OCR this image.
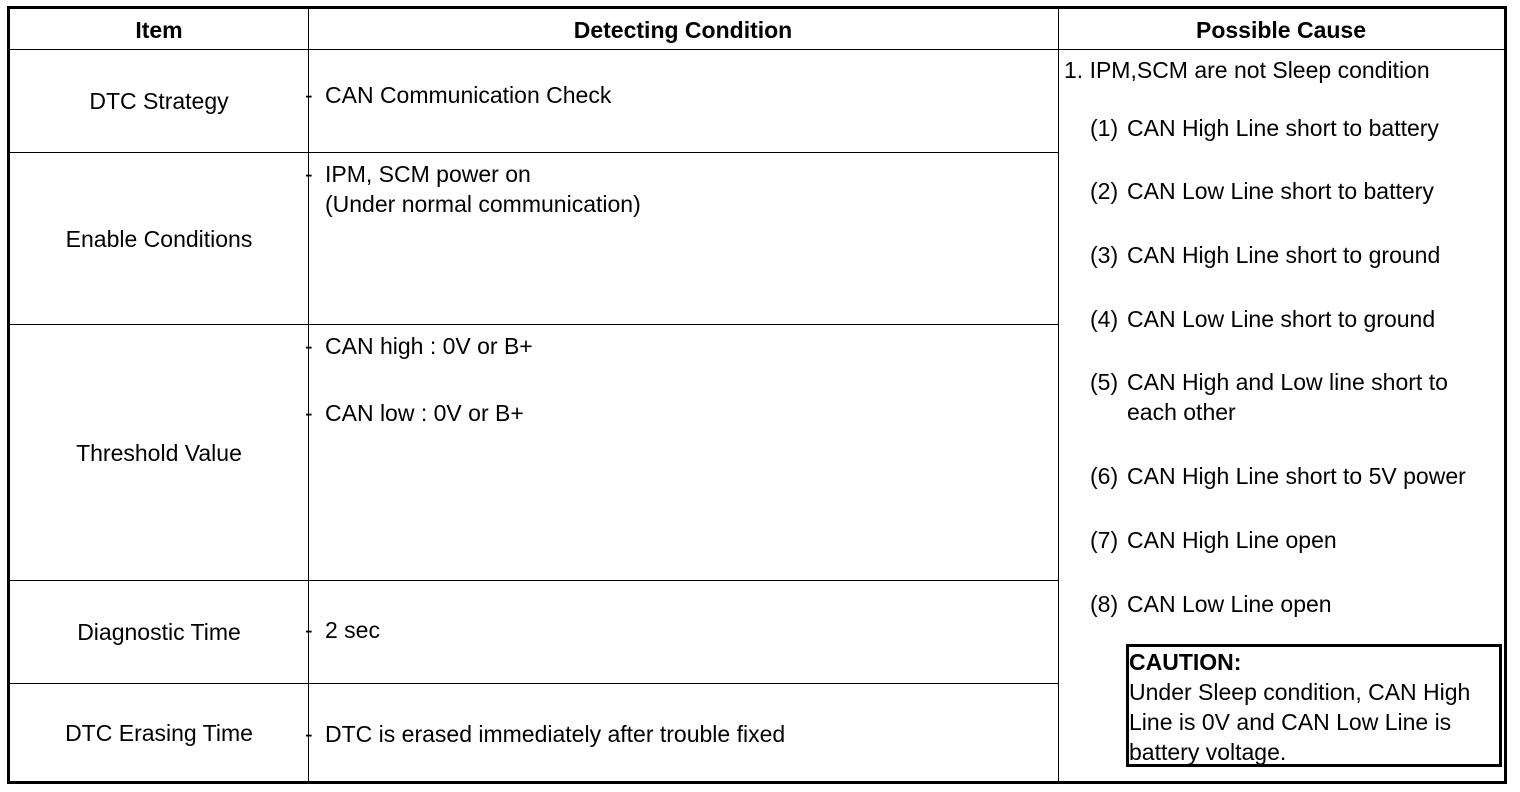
Item	Detecting Condition	Possible Cause
DTC Strategy
Enable Conditions
Threshold Value
Diagnostic Time
DTC Erasing Time
- CAN Communication Check
- IPM, SCM power on
(Under normal communication)
- CAN high : 0V or B+
- CAN low : 0V or B+
- 2 sec
- DTC is erased immediately after trouble fixed
1. IPM,SCM are not Sleep condition
(1) CAN High Line short to battery
(2) CAN Low Line short to battery
(3) CAN High Line short to ground
(4) CAN Low Line short to ground
(5) CAN High and Low line short to
each other
(6) CAN High Line short to 5V power
(7) CAN High Line open
(8) CAN Low Line open
CAUTION:
Under Sleep condition, CAN High
Line is 0V and CAN Low Line is
battery voltage.
